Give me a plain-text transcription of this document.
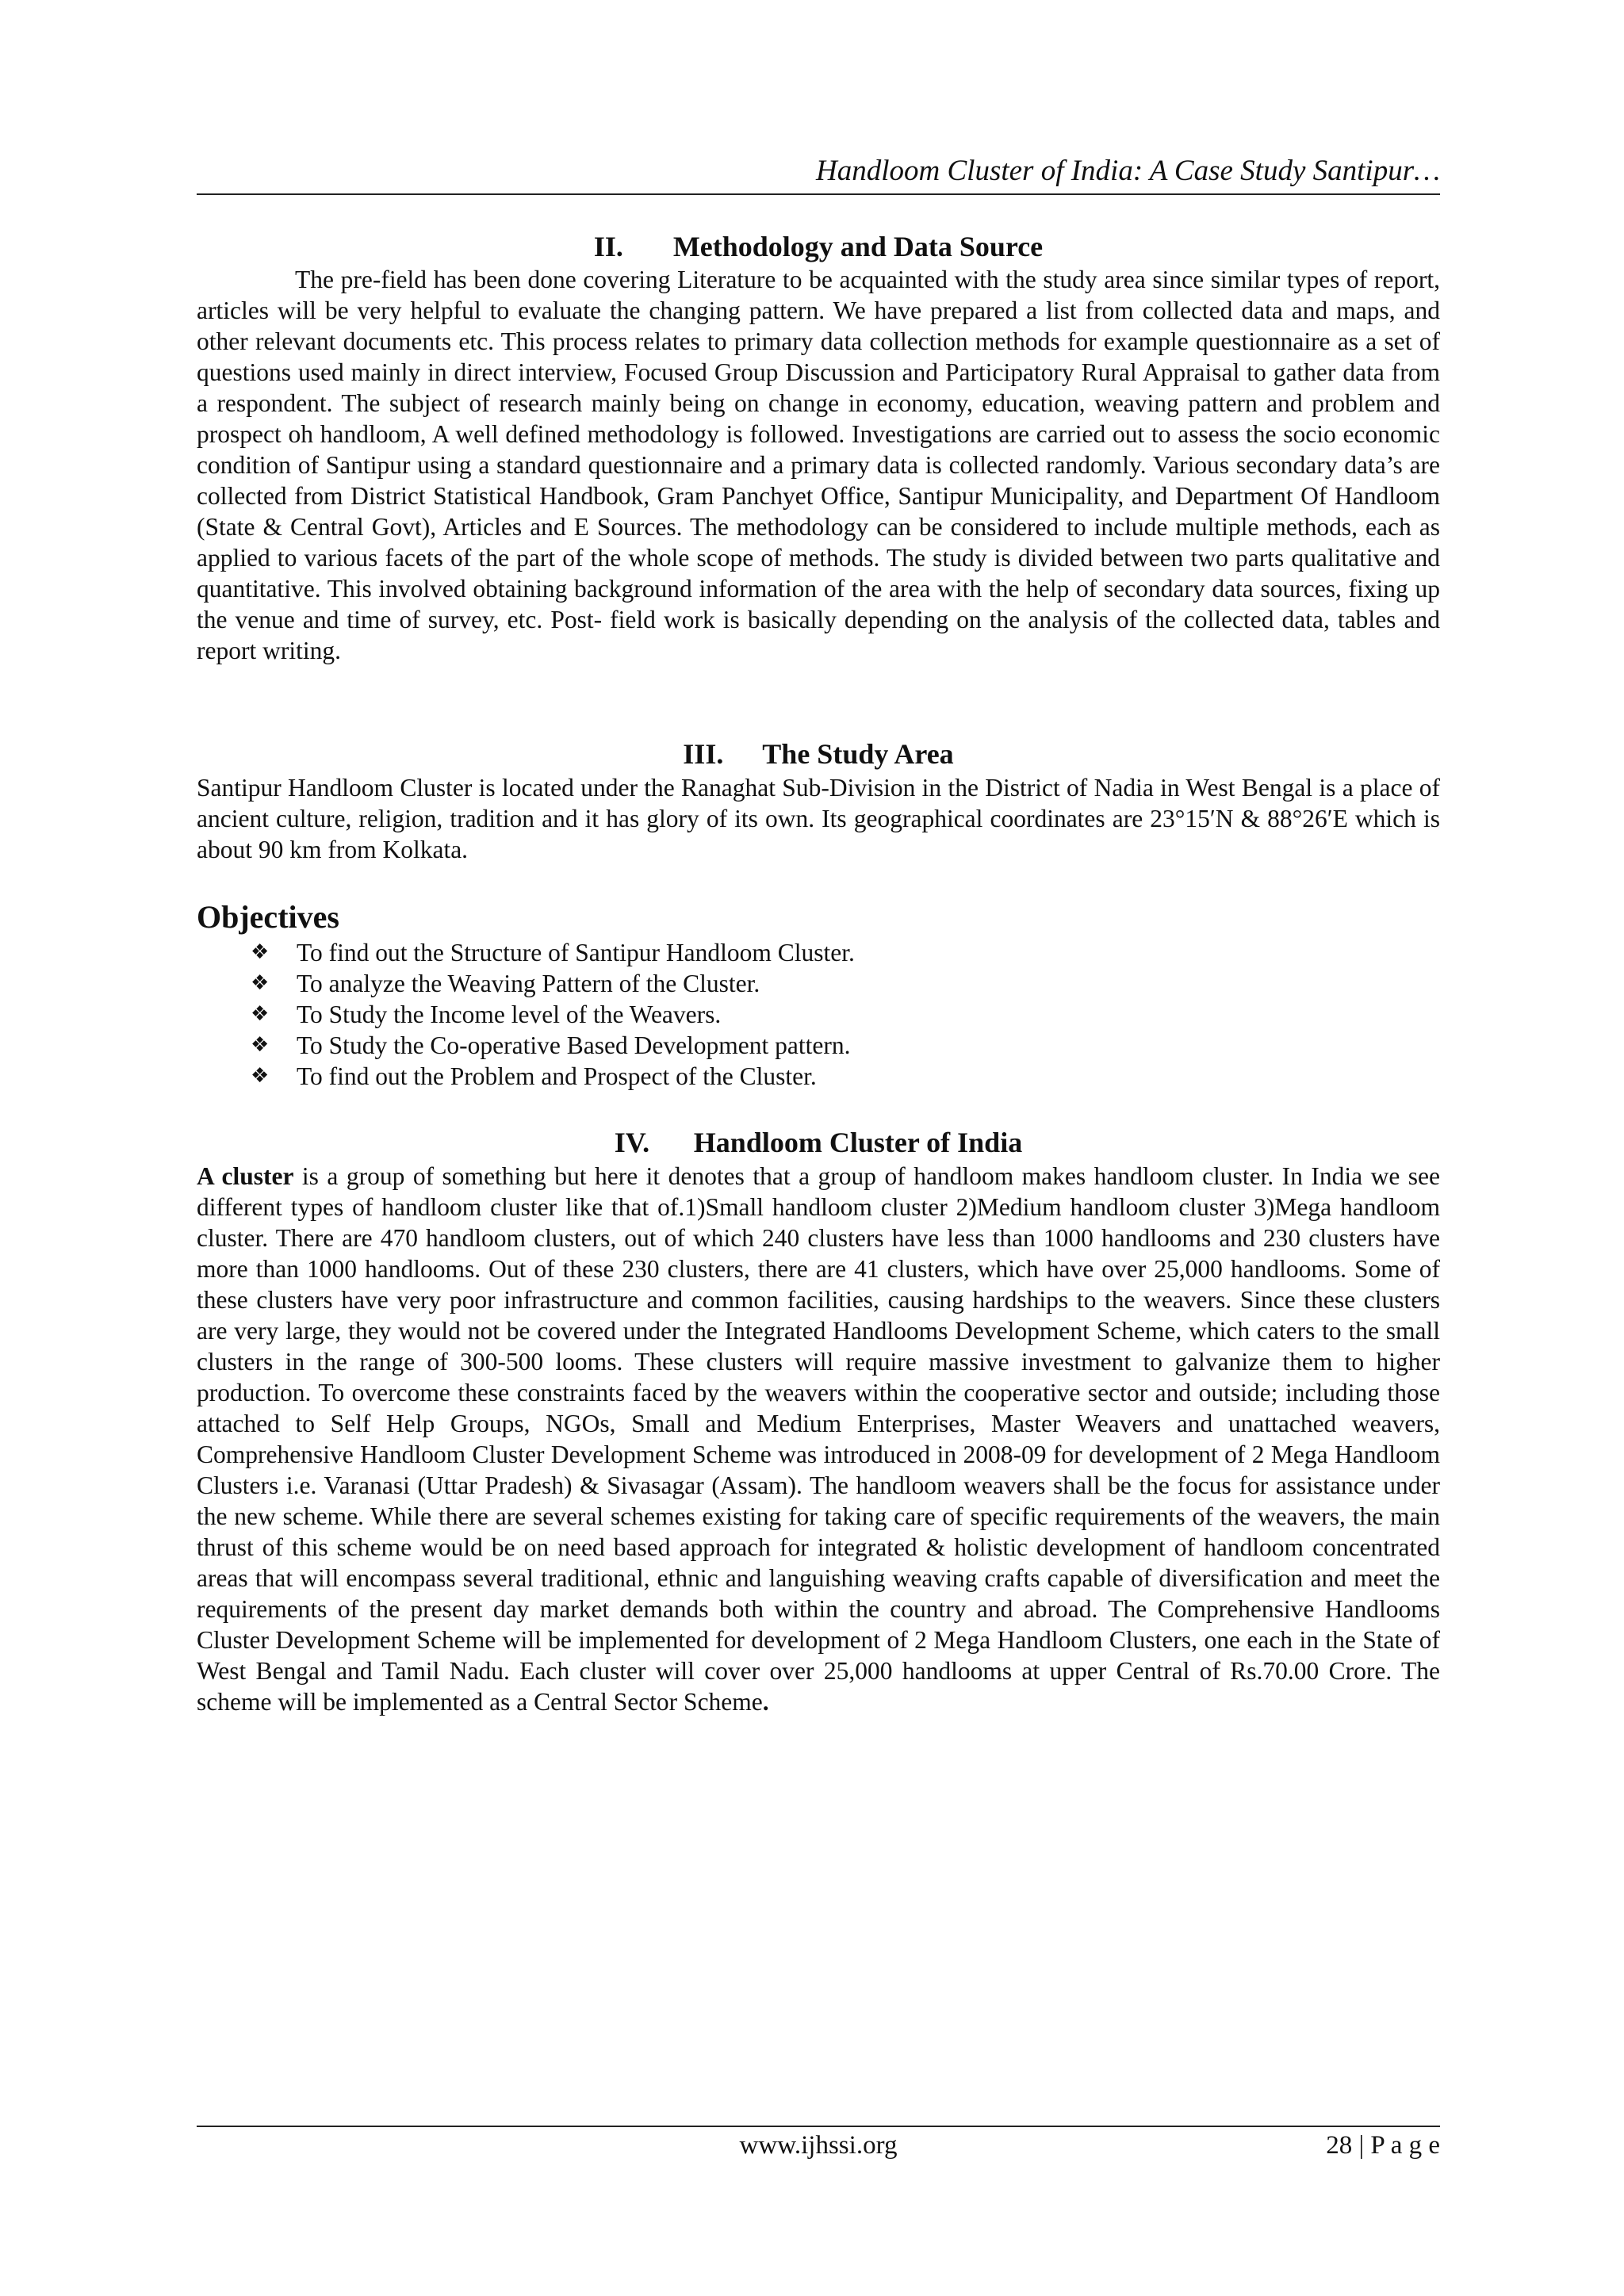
Handloom Cluster of India: A Case Study Santipur…
II. Methodology and Data Source

The pre-field has been done covering Literature to be acquainted with the study area since similar types of report, articles will be very helpful to evaluate the changing pattern. We have prepared a list from collected data and maps, and other relevant documents etc. This process relates to primary data collection methods for example questionnaire as a set of questions used mainly in direct interview, Focused Group Discussion and Participatory Rural Appraisal to gather data from a respondent. The subject of research mainly being on change in economy, education, weaving pattern and problem and prospect oh handloom, A well defined methodology is followed. Investigations are carried out to assess the socio economic condition of Santipur using a standard questionnaire and a primary data is collected randomly. Various secondary data’s are collected from District Statistical Handbook, Gram Panchyet Office, Santipur Municipality, and Department Of Handloom (State & Central Govt), Articles and E Sources. The methodology can be considered to include multiple methods, each as applied to various facets of the part of the whole scope of methods. The study is divided between two parts qualitative and quantitative. This involved obtaining background information of the area with the help of secondary data sources, fixing up the venue and time of survey, etc. Post- field work is basically depending on the analysis of the collected data, tables and report writing.

III. The Study Area

Santipur Handloom Cluster is located under the Ranaghat Sub-Division in the District of Nadia in West Bengal is a place of ancient culture, religion, tradition and it has glory of its own. Its geographical coordinates are 23°15′N & 88°26′E which is about 90 km from Kolkata.

Objectives
❖	To find out the Structure of Santipur Handloom Cluster.
❖	To analyze the Weaving Pattern of the Cluster.
❖	To Study the Income level of the Weavers.
❖	To Study the Co-operative Based Development pattern.
❖	To find out the Problem and Prospect of the Cluster.
IV. Handloom Cluster of India

A cluster is a group of something but here it denotes that a group of handloom makes handloom cluster. In India we see different types of handloom cluster like that of.1)Small handloom cluster 2)Medium handloom cluster 3)Mega handloom cluster. There are 470 handloom clusters, out of which 240 clusters have less than 1000 handlooms and 230 clusters have more than 1000 handlooms. Out of these 230 clusters, there are 41 clusters, which have over 25,000 handlooms. Some of these clusters have very poor infrastructure and common facilities, causing hardships to the weavers. Since these clusters are very large, they would not be covered under the Integrated Handlooms Development Scheme, which caters to the small clusters in the range of 300-500 looms. These clusters will require massive investment to galvanize them to higher production. To overcome these constraints faced by the weavers within the cooperative sector and outside; including those attached to Self Help Groups, NGOs, Small and Medium Enterprises, Master Weavers and unattached weavers, Comprehensive Handloom Cluster Development Scheme was introduced in 2008-09 for development of 2 Mega Handloom Clusters i.e. Varanasi (Uttar Pradesh) & Sivasagar (Assam). The handloom weavers shall be the focus for assistance under the new scheme. While there are several schemes existing for taking care of specific requirements of the weavers, the main thrust of this scheme would be on need based approach for integrated & holistic development of handloom concentrated areas that will encompass several traditional, ethnic and languishing weaving crafts capable of diversification and meet the requirements of the present day market demands both within the country and abroad. The Comprehensive Handlooms Cluster Development Scheme will be implemented for development of 2 Mega Handloom Clusters, one each in the State of West Bengal and Tamil Nadu. Each cluster will cover over 25,000 handlooms at upper Central of Rs.70.00 Crore. The scheme will be implemented as a Central Sector Scheme.

www.ijhssi.org	28 | P a g e
